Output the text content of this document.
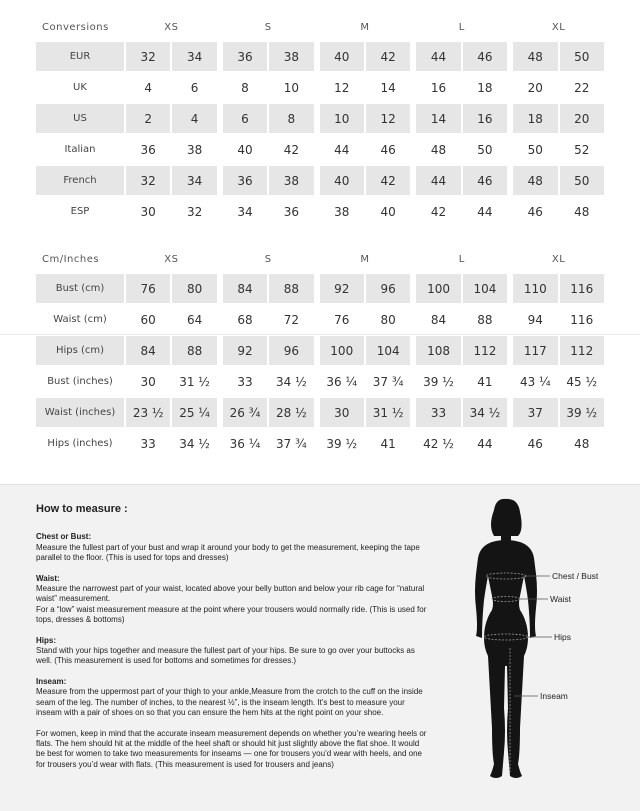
Conversions	XS			S			M			L			XL	
EUR	32	34		36	38		40	42		44	46		48	50
UK	4	6		8	10		12	14		16	18		20	22
US	2	4		6	8		10	12		14	16		18	20
Italian	36	38		40	42		44	46		48	50		50	52
French	32	34		36	38		40	42		44	46		48	50
ESP	30	32		34	36		38	40		42	44		46	48
Cm/Inches	XS			S			M			L			XL	
Bust (cm)	76	80		84	88		92	96		100	104		110	116
Waist (cm)	60	64		68	72		76	80		84	88		94	116
Hips (cm)	84	88		92	96		100	104		108	112		117	112
Bust (inches)	30	31 ½		33	34 ½		36 ¼	37 ¾		39 ½	41		43 ¼	45 ½
Waist (inches)	23 ½	25 ¼		26 ¾	28 ½		30	31 ½		33	34 ½		37	39 ½
Hips (inches)	33	34 ½		36 ¼	37 ¾		39 ½	41		42 ½	44		46	48
How to measure :
Chest or Bust:

Measure the fullest part of your bust and wrap it around your body to get the measurement, keeping the tape parallel to the floor. (This is used for tops and dresses)

Waist:

Measure the narrowest part of your waist, located above your belly button and below your rib cage for “natural waist” measurement.

For a “low” waist measurement measure at the point where your trousers would normally ride. (This is used for tops, dresses & bottoms)

Hips:

Stand with your hips together and measure the fullest part of your hips. Be sure to go over your buttocks as well. (This measurement is used for bottoms and sometimes for dresses.)

Inseam:

Measure from the uppermost part of your thigh to your ankle,Measure from the crotch to the cuff on the inside seam of the leg. The number of inches, to the nearest ½”, is the inseam length. It’s best to measure your inseam with a pair of shoes on so that you can ensure the hem hits at the right point on your shoe.

For women, keep in mind that the accurate inseam measurement depends on whether you’re wearing heels or flats. The hem should hit at the middle of the heel shaft or should hit just slightly above the flat shoe. It would be best for women to take two measurements for inseams — one for trousers you’d wear with heels, and one for trousers you’d wear with flats. (This measurement is used for trousers and jeans)

Chest / Bust
Waist
Hips
Inseam
